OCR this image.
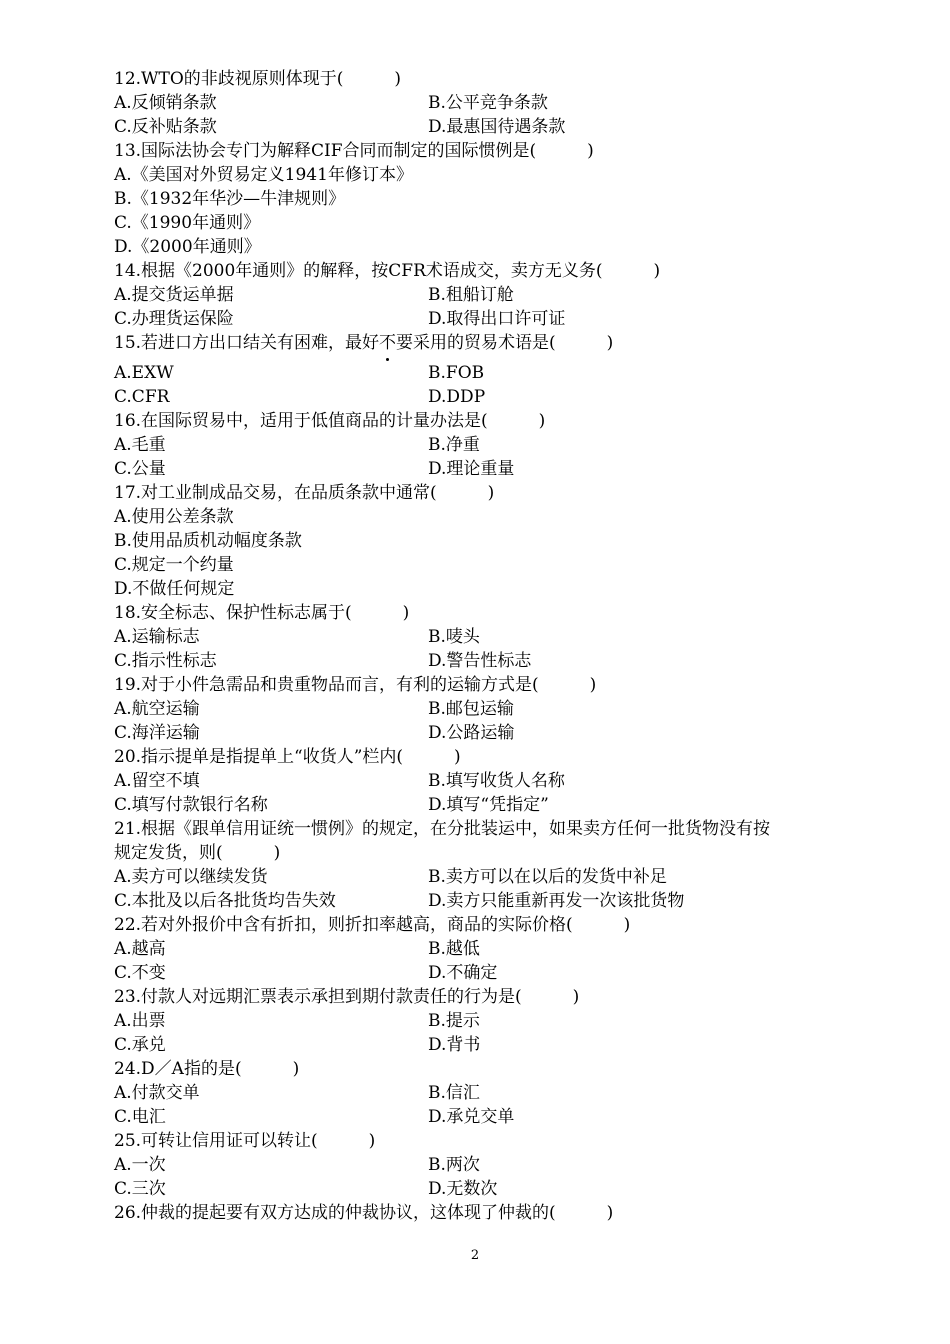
12.WTO的非歧视原则体现于(　　　)
A.反倾销条款	B.公平竞争条款
C.反补贴条款	D.最惠国待遇条款
13.国际法协会专门为解释CIF合同而制定的国际惯例是(　　　)
A.《美国对外贸易定义1941年修订本》
B.《1932年华沙—牛津规则》
C.《1990年通则》
D.《2000年通则》
14.根据《2000年通则》的解释，按CFR术语成交，卖方无义务(　　　)
A.提交货运单据	B.租船订舱
C.办理货运保险	D.取得出口许可证
15.若进口方出口结关有困难，最好不要采用的贸易术语是(　　　)
A.EXW	B.FOB
C.CFR	D.DDP
16.在国际贸易中，适用于低值商品的计量办法是(　　　)
A.毛重	B.净重
C.公量	D.理论重量
17.对工业制成品交易，在品质条款中通常(　　　)
A.使用公差条款
B.使用品质机动幅度条款
C.规定一个约量
D.不做任何规定
18.安全标志、保护性标志属于(　　　)
A.运输标志	B.唛头
C.指示性标志	D.警告性标志
19.对于小件急需品和贵重物品而言，有利的运输方式是(　　　)
A.航空运输	B.邮包运输
C.海洋运输	D.公路运输
20.指示提单是指提单上“收货人”栏内(　　　)
A.留空不填	B.填写收货人名称
C.填写付款银行名称	D.填写“凭指定”
21.根据《跟单信用证统一惯例》的规定，在分批装运中，如果卖方任何一批货物没有按
规定发货，则(　　　)
A.卖方可以继续发货	B.卖方可以在以后的发货中补足
C.本批及以后各批货均告失效	D.卖方只能重新再发一次该批货物
22.若对外报价中含有折扣，则折扣率越高，商品的实际价格(　　　)
A.越高	B.越低
C.不变	D.不确定
23.付款人对远期汇票表示承担到期付款责任的行为是(　　　)
A.出票	B.提示
C.承兑	D.背书
24.D／A指的是(　　　)
A.付款交单	B.信汇
C.电汇	D.承兑交单
25.可转让信用证可以转让(　　　)
A.一次	B.两次
C.三次	D.无数次
26.仲裁的提起要有双方达成的仲裁协议，这体现了仲裁的(　　　)
2
